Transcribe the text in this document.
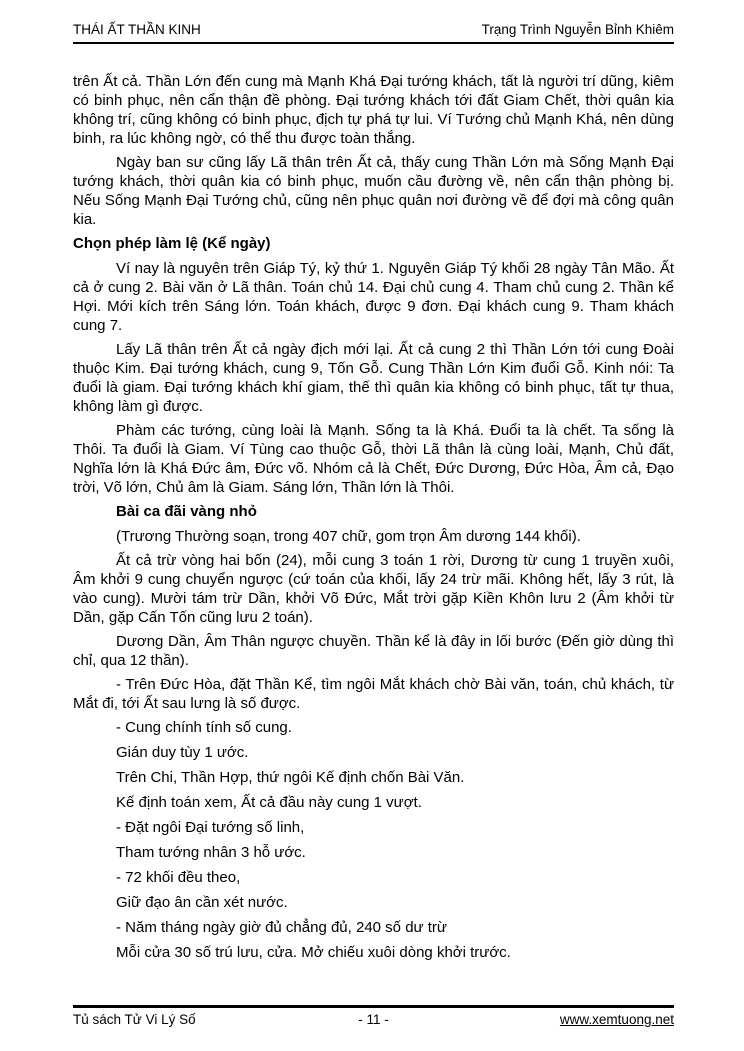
THÁI ẤT THẦN KINH	Trạng Trình Nguyễn Bỉnh Khiêm

trên Ất cả. Thần Lớn đến cung mà Mạnh Khá Đại tướng khách, tất là người trí dũng, kiêm có binh phục, nên cẩn thận đề phòng. Đại tướng khách tới đất Giam Chết, thời quân kia không trí, cũng không có binh phục, địch tự phá tự lui. Ví Tướng chủ Mạnh Khá, nên dùng binh, ra lúc không ngờ, có thể thu được toàn thắng.

Ngày ban sư cũng lấy Lã thân trên Ất cả, thấy cung Thần Lớn mà Sống Mạnh Đại tướng khách, thời quân kia có binh phục, muốn cầu đường về, nên cẩn thận phòng bị. Nếu Sống Mạnh Đại Tướng chủ, cũng nên phục quân nơi đường về để đợi mà công quân kia.

Chọn phép làm lệ (Kể ngày)

Ví nay là nguyên trên Giáp Tý, kỷ thứ 1. Nguyên Giáp Tý khối 28 ngày Tân Mão. Ất cả ở cung 2. Bài văn ở Lã thân. Toán chủ 14. Đại chủ cung 4. Tham chủ cung 2. Thần kể Hợi. Mới kích trên Sáng lớn. Toán khách, được 9 đơn. Đại khách cung 9. Tham khách cung 7.

Lấy Lã thân trên Ất cả ngày địch mới lại. Ất cả cung 2 thì Thần Lớn tới cung Đoài thuộc Kim. Đại tướng khách, cung 9, Tốn Gỗ. Cung Thần Lớn Kim đuổi Gỗ. Kinh nói: Ta đuổi là giam. Đại tướng khách khí giam, thế thì quân kia không có binh phục, tất tự thua, không làm gì được.

Phàm các tướng, cùng loài là Mạnh. Sống ta là Khá. Đuổi ta là chết. Ta sống là Thôi. Ta đuổi là Giam. Ví Tùng cao thuộc Gỗ, thời Lã thân là cùng loài, Mạnh, Chủ đất, Nghĩa lớn là Khá Đức âm, Đức võ. Nhóm cả là Chết, Đức Dương, Đức Hòa, Âm cả, Đạo trời, Võ lớn, Chủ âm là Giam. Sáng lớn, Thần lớn là Thôi.

Bài ca đãi vàng nhỏ

(Trương Thường soạn, trong 407 chữ, gom trọn Âm dương 144 khối).

Ất cả trừ vòng hai bốn (24), mỗi cung 3 toán 1 rời, Dương từ cung 1 truyền xuôi, Âm khởi 9 cung chuyển ngược (cứ toán của khối, lấy 24 trừ mãi. Không hết, lấy 3 rút, là vào cung). Mười tám trừ Dần, khởi Võ Đức, Mắt trời gặp Kiền Khôn lưu 2 (Âm khởi từ Dần, gặp Cấn Tốn cũng lưu 2 toán).

Dương Dần, Âm Thân ngược chuyền. Thần kể là đây in lối bước (Đến giờ dùng thì chỉ, qua 12 thần).

- Trên Đức Hòa, đặt Thần Kể, tìm ngôi Mắt khách chờ Bài văn, toán, chủ khách, từ Mắt đi, tới Ất sau lưng là số được.

- Cung chính tính số cung.

Gián duy tùy 1 ước.

Trên Chi, Thần Hợp, thứ ngôi Kế định chốn Bài Văn.

Kế định toán xem, Ất cả đầu này cung 1 vượt.

- Đặt ngôi Đại tướng số linh,

Tham tướng nhân 3 hỗ ước.

- 72 khối đều theo,

Giữ đạo ân cần xét nước.

- Năm tháng ngày giờ đủ chẳng đủ, 240 số dư trừ

Mỗi cửa 30 số trú lưu, cửa. Mở chiếu xuôi dòng khởi trước.

Tủ sách Tử Vi Lý Số	- 11 -	www.xemtuong.net
